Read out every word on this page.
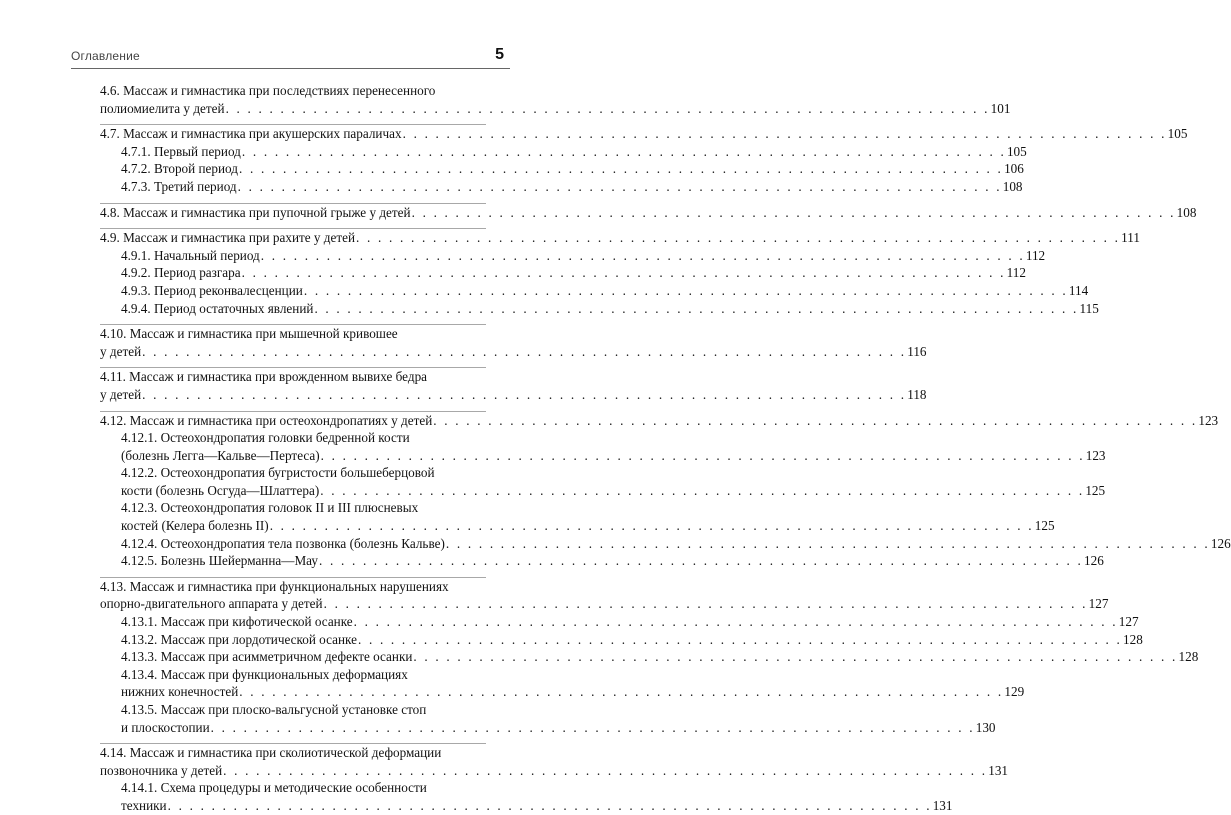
Оглавление	5
4.6. Массаж и гимнастика при последствиях перенесенного
полиомиелита у детей . . . . . . . . . . . . . . . . . . . . . . . . . . . . . . . . . . . . . . . . . . . . . . . . . . . . . . . . . . . . . . . . . . . . . . 101
4.7. Массаж и гимнастика при акушерских параличах . . . . . . . . . . . . . . . . . . . . . . . . . . . . . . . . . . . . . . . . . . . . . . . . . . . . . . . . . . . . . . . . . . . . . . 105
4.7.1. Первый период . . . . . . . . . . . . . . . . . . . . . . . . . . . . . . . . . . . . . . . . . . . . . . . . . . . . . . . . . . . . . . . . . . . . . . 105
4.7.2. Второй период . . . . . . . . . . . . . . . . . . . . . . . . . . . . . . . . . . . . . . . . . . . . . . . . . . . . . . . . . . . . . . . . . . . . . . 106
4.7.3. Третий период . . . . . . . . . . . . . . . . . . . . . . . . . . . . . . . . . . . . . . . . . . . . . . . . . . . . . . . . . . . . . . . . . . . . . . 108
4.8. Массаж и гимнастика при пупочной грыже у детей . . . . . . . . . . . . . . . . . . . . . . . . . . . . . . . . . . . . . . . . . . . . . . . . . . . . . . . . . . . . . . . . . . . . . . 108
4.9. Массаж и гимнастика при рахите у детей . . . . . . . . . . . . . . . . . . . . . . . . . . . . . . . . . . . . . . . . . . . . . . . . . . . . . . . . . . . . . . . . . . . . . . 111
4.9.1. Начальный период . . . . . . . . . . . . . . . . . . . . . . . . . . . . . . . . . . . . . . . . . . . . . . . . . . . . . . . . . . . . . . . . . . . . . . 112
4.9.2. Период разгара . . . . . . . . . . . . . . . . . . . . . . . . . . . . . . . . . . . . . . . . . . . . . . . . . . . . . . . . . . . . . . . . . . . . . . 112
4.9.3. Период реконвалесценции . . . . . . . . . . . . . . . . . . . . . . . . . . . . . . . . . . . . . . . . . . . . . . . . . . . . . . . . . . . . . . . . . . . . . . 114
4.9.4. Период остаточных явлений . . . . . . . . . . . . . . . . . . . . . . . . . . . . . . . . . . . . . . . . . . . . . . . . . . . . . . . . . . . . . . . . . . . . . . 115
4.10. Массаж и гимнастика при мышечной кривошее
у детей . . . . . . . . . . . . . . . . . . . . . . . . . . . . . . . . . . . . . . . . . . . . . . . . . . . . . . . . . . . . . . . . . . . . . . 116
4.11. Массаж и гимнастика при врожденном вывихе бедра
у детей . . . . . . . . . . . . . . . . . . . . . . . . . . . . . . . . . . . . . . . . . . . . . . . . . . . . . . . . . . . . . . . . . . . . . . 118
4.12. Массаж и гимнастика при остеохондропатиях у детей . . . . . . . . . . . . . . . . . . . . . . . . . . . . . . . . . . . . . . . . . . . . . . . . . . . . . . . . . . . . . . . . . . . . . . 123
4.12.1. Остеохондропатия головки бедренной кости
(болезнь Легга—Кальве—Пертеса) . . . . . . . . . . . . . . . . . . . . . . . . . . . . . . . . . . . . . . . . . . . . . . . . . . . . . . . . . . . . . . . . . . . . . . 123
4.12.2. Остеохондропатия бугристости большеберцовой
кости (болезнь Осгуда—Шлаттера) . . . . . . . . . . . . . . . . . . . . . . . . . . . . . . . . . . . . . . . . . . . . . . . . . . . . . . . . . . . . . . . . . . . . . . 125
4.12.3. Остеохондропатия головок II и III плюсневых
костей (Келера болезнь II) . . . . . . . . . . . . . . . . . . . . . . . . . . . . . . . . . . . . . . . . . . . . . . . . . . . . . . . . . . . . . . . . . . . . . . 125
4.12.4. Остеохондропатия тела позвонка (болезнь Кальве) . . . . . . . . . . . . . . . . . . . . . . . . . . . . . . . . . . . . . . . . . . . . . . . . . . . . . . . . . . . . . . . . . . . . . . 126
4.12.5. Болезнь Шейерманна—Мау . . . . . . . . . . . . . . . . . . . . . . . . . . . . . . . . . . . . . . . . . . . . . . . . . . . . . . . . . . . . . . . . . . . . . . 126
4.13. Массаж и гимнастика при функциональных нарушениях
опорно-двигательного аппарата у детей . . . . . . . . . . . . . . . . . . . . . . . . . . . . . . . . . . . . . . . . . . . . . . . . . . . . . . . . . . . . . . . . . . . . . . 127
4.13.1. Массаж при кифотической осанке . . . . . . . . . . . . . . . . . . . . . . . . . . . . . . . . . . . . . . . . . . . . . . . . . . . . . . . . . . . . . . . . . . . . . . 127
4.13.2. Массаж при лордотической осанке . . . . . . . . . . . . . . . . . . . . . . . . . . . . . . . . . . . . . . . . . . . . . . . . . . . . . . . . . . . . . . . . . . . . . . 128
4.13.3. Массаж при асимметричном дефекте осанки . . . . . . . . . . . . . . . . . . . . . . . . . . . . . . . . . . . . . . . . . . . . . . . . . . . . . . . . . . . . . . . . . . . . . . 128
4.13.4. Массаж при функциональных деформациях
нижних конечностей . . . . . . . . . . . . . . . . . . . . . . . . . . . . . . . . . . . . . . . . . . . . . . . . . . . . . . . . . . . . . . . . . . . . . . 129
4.13.5. Массаж при плоско-вальгусной установке стоп
и плоскостопии . . . . . . . . . . . . . . . . . . . . . . . . . . . . . . . . . . . . . . . . . . . . . . . . . . . . . . . . . . . . . . . . . . . . . . 130
4.14. Массаж и гимнастика при сколиотической деформации
позвоночника у детей . . . . . . . . . . . . . . . . . . . . . . . . . . . . . . . . . . . . . . . . . . . . . . . . . . . . . . . . . . . . . . . . . . . . . . 131
4.14.1. Схема процедуры и методические особенности
техники . . . . . . . . . . . . . . . . . . . . . . . . . . . . . . . . . . . . . . . . . . . . . . . . . . . . . . . . . . . . . . . . . . . . . . 131
